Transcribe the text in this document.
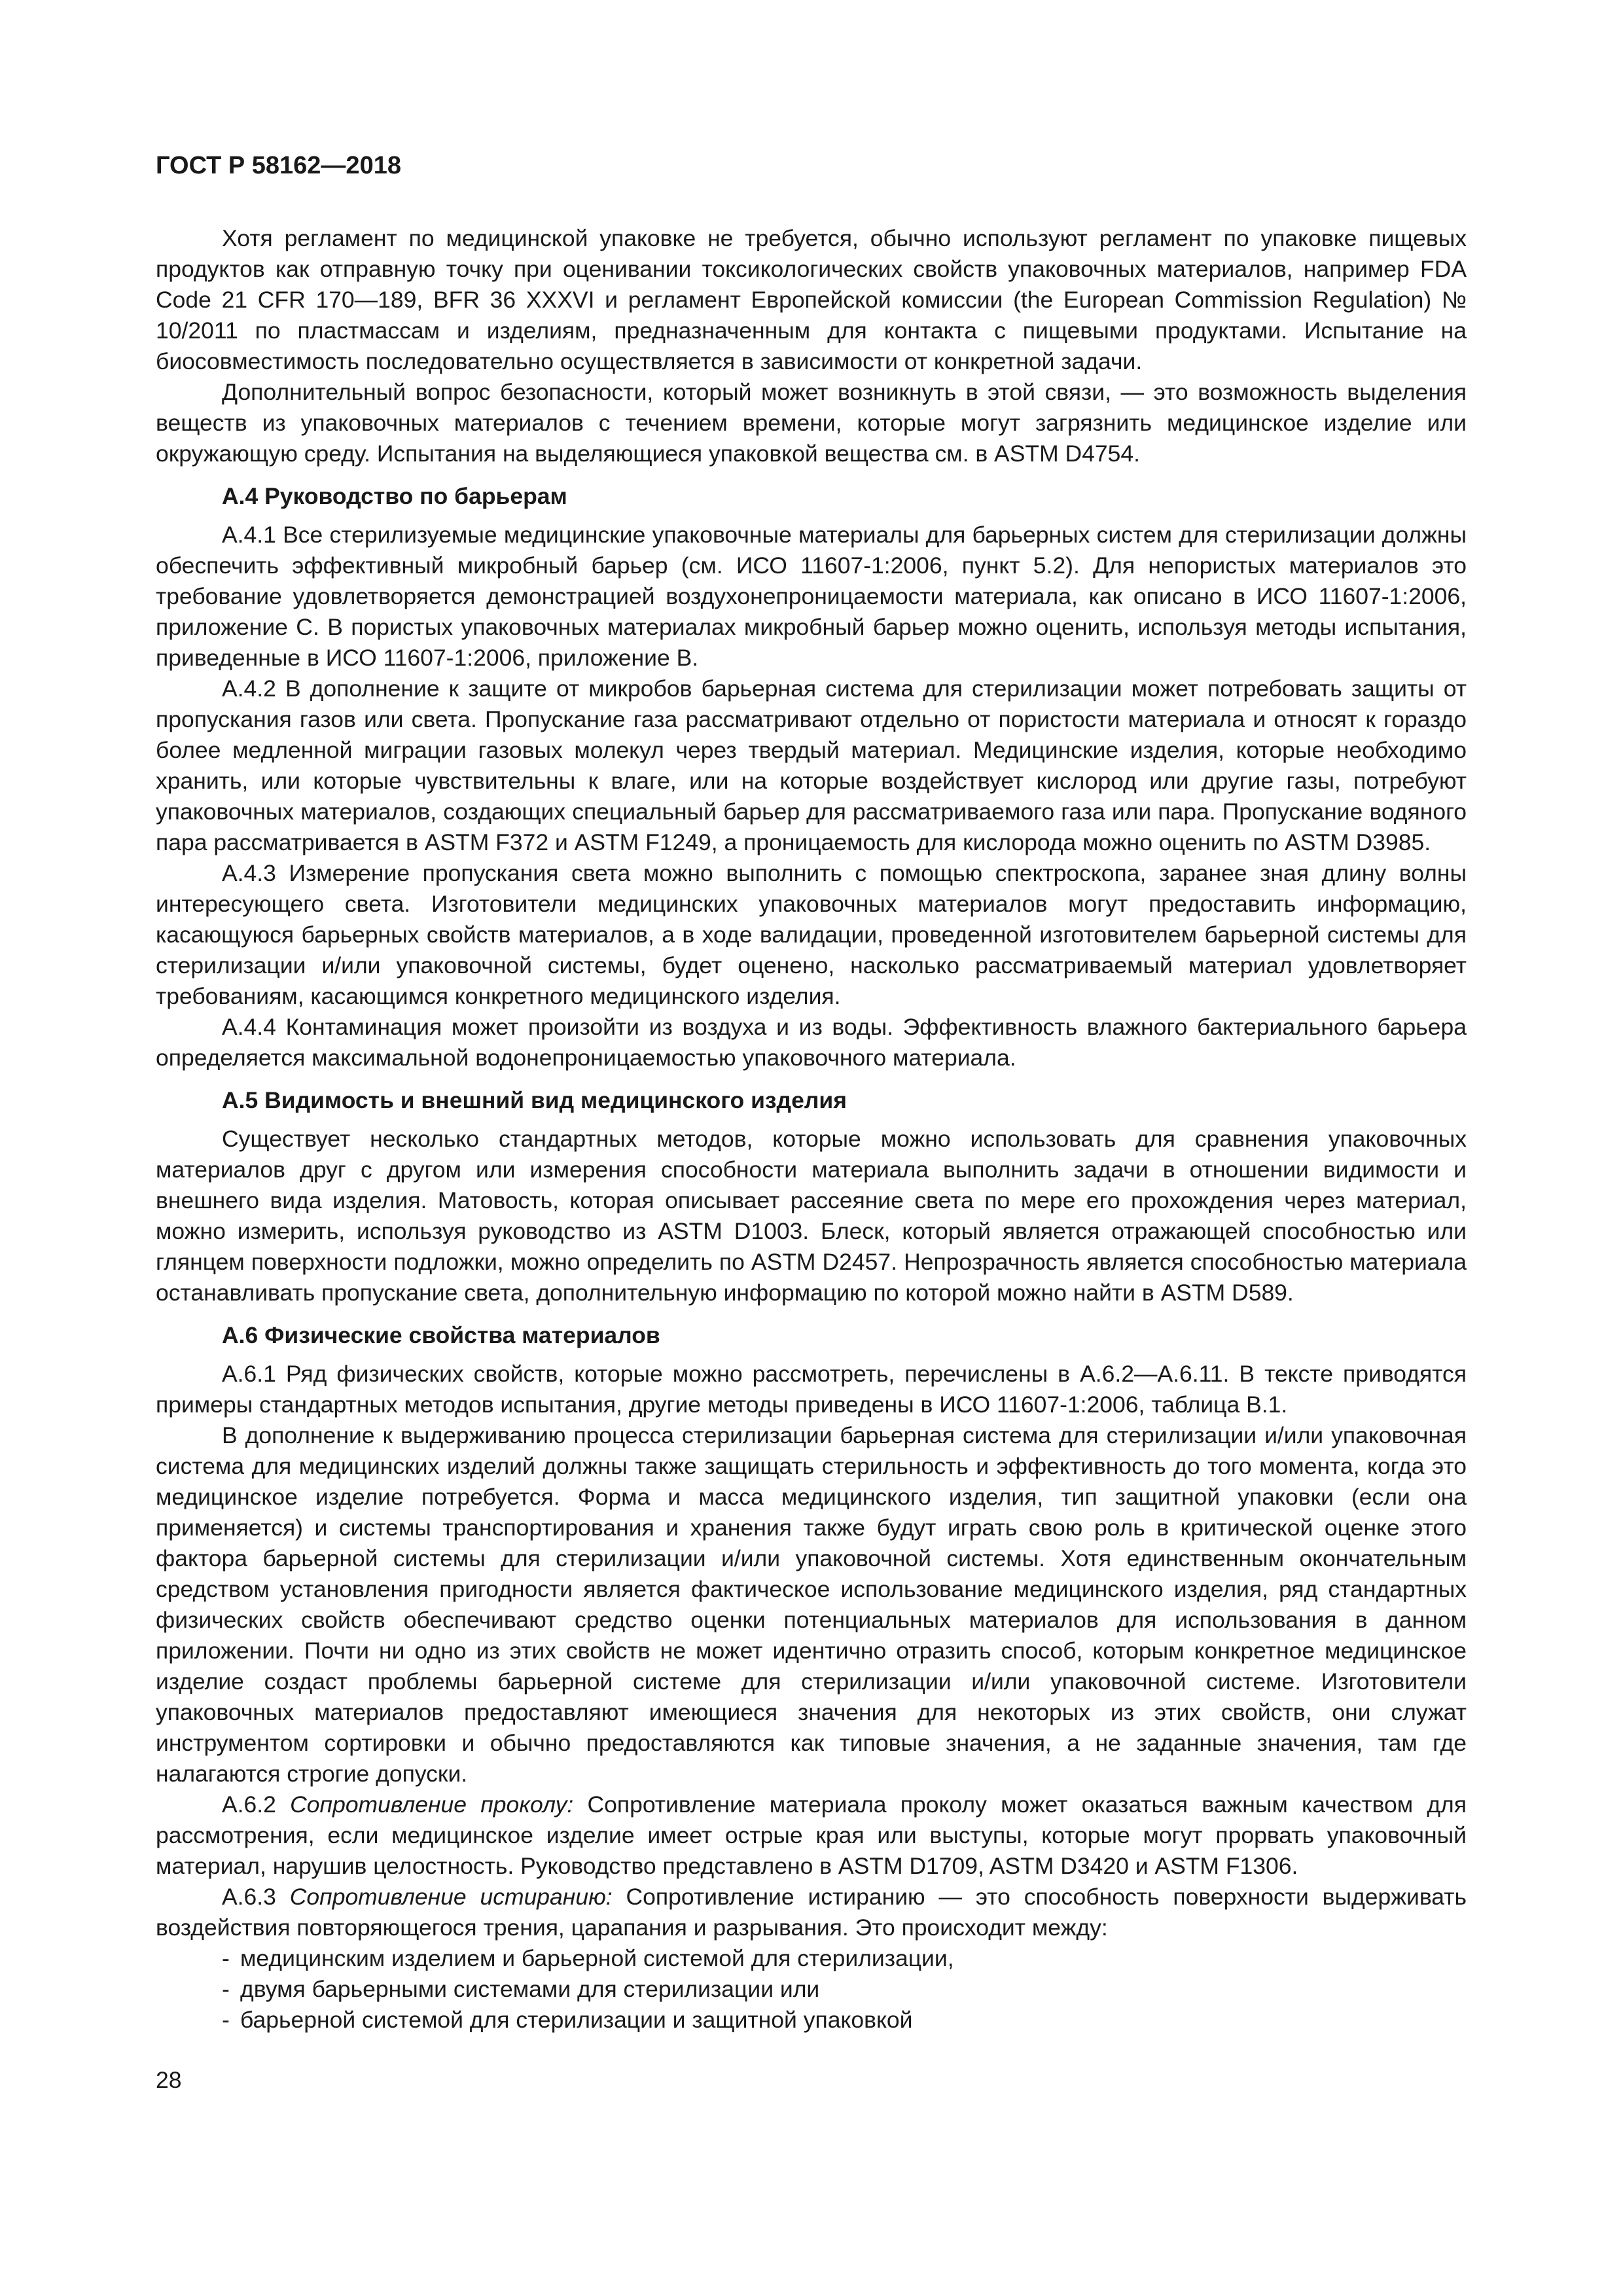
ГОСТ Р 58162—2018

Хотя регламент по медицинской упаковке не требуется, обычно используют регламент по упаковке пищевых продуктов как отправную точку при оценивании токсикологических свойств упаковочных материалов, например FDA Code 21 CFR 170—189, BFR 36 XXXVI и регламент Европейской комиссии (the European Commission Regulation) № 10/2011 по пластмассам и изделиям, предназначенным для контакта с пищевыми продуктами. Испытание на биосовместимость последовательно осуществляется в зависимости от конкретной задачи.

Дополнительный вопрос безопасности, который может возникнуть в этой связи, — это возможность выделения веществ из упаковочных материалов с течением времени, которые могут загрязнить медицинское изделие или окружающую среду. Испытания на выделяющиеся упаковкой вещества см. в ASTM D4754.

А.4 Руководство по барьерам

А.4.1 Все стерилизуемые медицинские упаковочные материалы для барьерных систем для стерилизации должны обеспечить эффективный микробный барьер (см. ИСО 11607-1:2006, пункт 5.2). Для непористых материалов это требование удовлетворяется демонстрацией воздухонепроницаемости материала, как описано в ИСО 11607-1:2006, приложение С. В пористых упаковочных материалах микробный барьер можно оценить, используя методы испытания, приведенные в ИСО 11607-1:2006, приложение В.

А.4.2 В дополнение к защите от микробов барьерная система для стерилизации может потребовать защиты от пропускания газов или света. Пропускание газа рассматривают отдельно от пористости материала и относят к гораздо более медленной миграции газовых молекул через твердый материал. Медицинские изделия, которые необходимо хранить, или которые чувствительны к влаге, или на которые воздействует кислород или другие газы, потребуют упаковочных материалов, создающих специальный барьер для рассматриваемого газа или пара. Пропускание водяного пара рассматривается в ASTM F372 и ASTM F1249, а проницаемость для кислорода можно оценить по ASTM D3985.

А.4.3 Измерение пропускания света можно выполнить с помощью спектроскопа, заранее зная длину волны интересующего света. Изготовители медицинских упаковочных материалов могут предоставить информацию, касающуюся барьерных свойств материалов, а в ходе валидации, проведенной изготовителем барьерной системы для стерилизации и/или упаковочной системы, будет оценено, насколько рассматриваемый материал удовлетворяет требованиям, касающимся конкретного медицинского изделия.

А.4.4 Контаминация может произойти из воздуха и из воды. Эффективность влажного бактериального барьера определяется максимальной водонепроницаемостью упаковочного материала.

А.5 Видимость и внешний вид медицинского изделия

Существует несколько стандартных методов, которые можно использовать для сравнения упаковочных материалов друг с другом или измерения способности материала выполнить задачи в отношении видимости и внешнего вида изделия. Матовость, которая описывает рассеяние света по мере его прохождения через материал, можно измерить, используя руководство из ASTM D1003. Блеск, который является отражающей способностью или глянцем поверхности подложки, можно определить по ASTM D2457. Непрозрачность является способностью материала останавливать пропускание света, дополнительную информацию по которой можно найти в ASTM D589.

А.6 Физические свойства материалов

А.6.1 Ряд физических свойств, которые можно рассмотреть, перечислены в А.6.2—А.6.11. В тексте приводятся примеры стандартных методов испытания, другие методы приведены в ИСО 11607-1:2006, таблица В.1.

В дополнение к выдерживанию процесса стерилизации барьерная система для стерилизации и/или упаковочная система для медицинских изделий должны также защищать стерильность и эффективность до того момента, когда это медицинское изделие потребуется. Форма и масса медицинского изделия, тип защитной упаковки (если она применяется) и системы транспортирования и хранения также будут играть свою роль в критической оценке этого фактора барьерной системы для стерилизации и/или упаковочной системы. Хотя единственным окончательным средством установления пригодности является фактическое использование медицинского изделия, ряд стандартных физических свойств обеспечивают средство оценки потенциальных материалов для использования в данном приложении. Почти ни одно из этих свойств не может идентично отразить способ, которым конкретное медицинское изделие создаст проблемы барьерной системе для стерилизации и/или упаковочной системе. Изготовители упаковочных материалов предоставляют имеющиеся значения для некоторых из этих свойств, они служат инструментом сортировки и обычно предоставляются как типовые значения, а не заданные значения, там где налагаются строгие допуски.

А.6.2 Сопротивление проколу: Сопротивление материала проколу может оказаться важным качеством для рассмотрения, если медицинское изделие имеет острые края или выступы, которые могут прорвать упаковочный материал, нарушив целостность. Руководство представлено в ASTM D1709, ASTM D3420 и ASTM F1306.

А.6.3 Сопротивление истиранию: Сопротивление истиранию — это способность поверхности выдерживать воздействия повторяющегося трения, царапания и разрывания. Это происходит между:

- медицинским изделием и барьерной системой для стерилизации,
- двумя барьерными системами для стерилизации или
- барьерной системой для стерилизации и защитной упаковкой
28
